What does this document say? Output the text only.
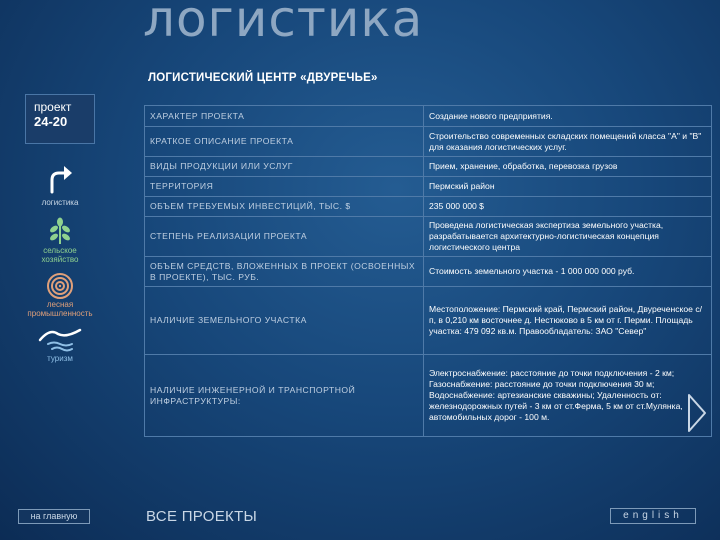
логистика
ЛОГИСТИЧЕСКИЙ ЦЕНТР «ДВУРЕЧЬЕ»
проект
24-20
логистика
сельское хозяйство
лесная промышленность
туризм
ХАРАКТЕР ПРОЕКТА	Создание нового предприятия.
КРАТКОЕ ОПИСАНИЕ ПРОЕКТА	Строительство современных складских помещений класса "А" и "В" для оказания логистических услуг.
ВИДЫ ПРОДУКЦИИ ИЛИ УСЛУГ	Прием, хранение, обработка, перевозка грузов
ТЕРРИТОРИЯ	Пермский район
ОБЪЕМ ТРЕБУЕМЫХ ИНВЕСТИЦИЙ, ТЫС. $	235 000 000 $
СТЕПЕНЬ РЕАЛИЗАЦИИ ПРОЕКТА	Проведена логистическая экспертиза земельного участка, разрабатывается архитектурно-логистическая концепция логистического центра
ОБЪЕМ СРЕДСТВ, ВЛОЖЕННЫХ В ПРОЕКТ (ОСВОЕННЫХ В ПРОЕКТЕ), ТЫС. РУБ.	Стоимость земельного участка - 1 000 000 000 руб.
НАЛИЧИЕ ЗЕМЕЛЬНОГО УЧАСТКА	Местоположение: Пермский край, Пермский район, Двуреченское с/п, в 0,210 км восточнее д. Нестюково в 5 км от г. Перми. Площадь участка: 479 092 кв.м. Правообладатель: ЗАО "Север"
НАЛИЧИЕ ИНЖЕНЕРНОЙ И ТРАНСПОРТНОЙ ИНФРАСТРУКТУРЫ:	Электроснабжение: расстояние до точки подключения - 2 км; Газоснабжение: расстояние до точки подключения 30 м; Водоснабжение: артезианские скважины; Удаленность от: железнодорожных путей - 3 км от ст.Ферма, 5 км от ст.Мулянка, автомобильных дорог - 100 м.
на главную	ВСЕ ПРОЕКТЫ	english
